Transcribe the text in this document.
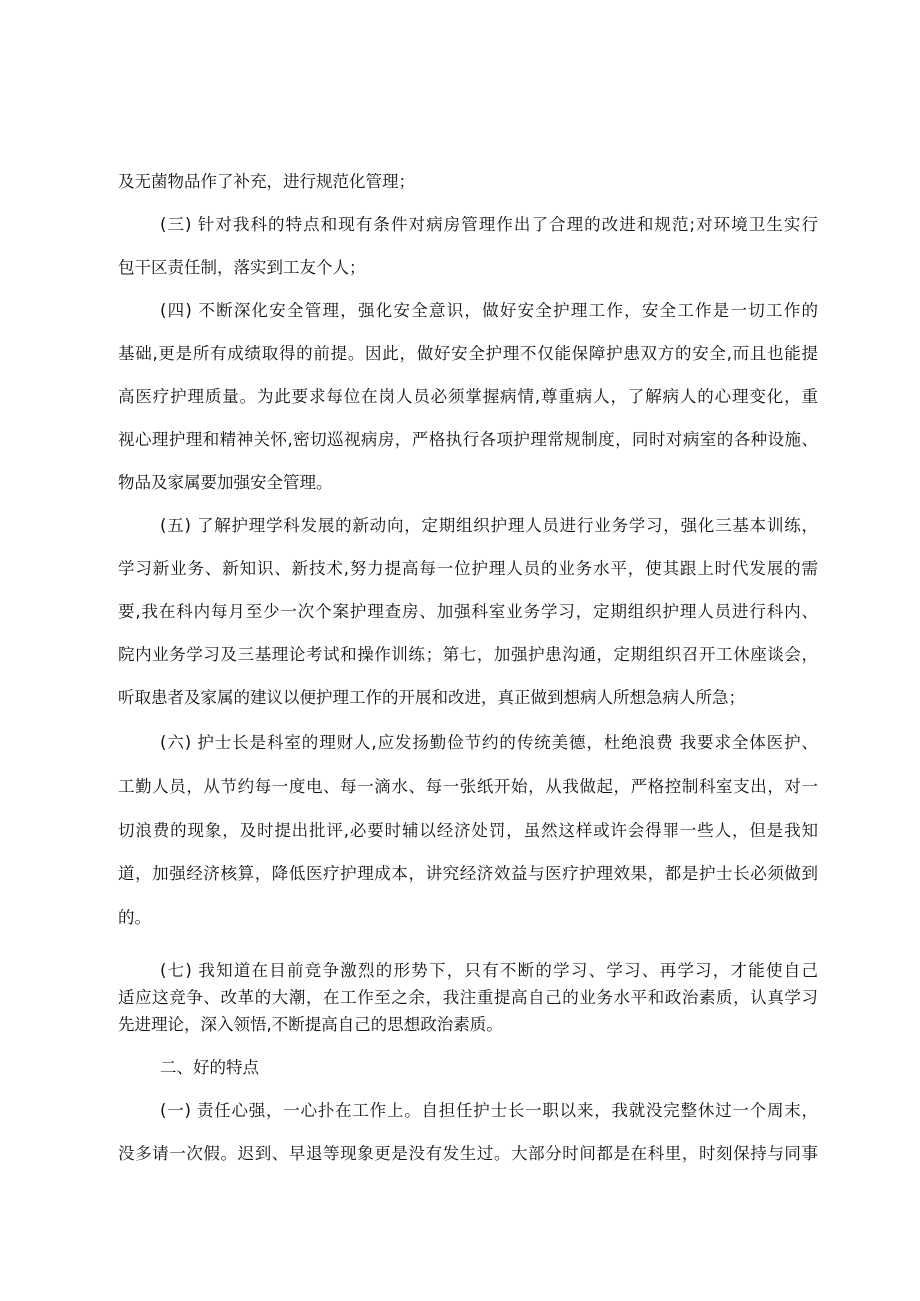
及无菌物品作了补充，进行规范化管理；
(三) 针对我科的特点和现有条件对病房管理作出了合理的改进和规范;对环境卫生实行
包干区责任制，落实到工友个人；
(四) 不断深化安全管理，强化安全意识，做好安全护理工作，安全工作是一切工作的
基础,更是所有成绩取得的前提。因此，做好安全护理不仅能保障护患双方的安全,而且也能提
高医疗护理质量。为此要求每位在岗人员必须掌握病情,尊重病人，了解病人的心理变化，重
视心理护理和精神关怀,密切巡视病房，严格执行各项护理常规制度，同时对病室的各种设施、
物品及家属要加强安全管理。
(五) 了解护理学科发展的新动向，定期组织护理人员进行业务学习，强化三基本训练，
学习新业务、新知识、新技术,努力提高每一位护理人员的业务水平，使其跟上时代发展的需
要,我在科内每月至少一次个案护理查房、加强科室业务学习，定期组织护理人员进行科内、
院内业务学习及三基理论考试和操作训练；第七，加强护患沟通，定期组织召开工休座谈会，
听取患者及家属的建议以便护理工作的开展和改进，真正做到想病人所想急病人所急；
(六) 护士长是科室的理财人,应发扬勤俭节约的传统美德，杜绝浪费 我要求全体医护、
工勤人员，从节约每一度电、每一滴水、每一张纸开始，从我做起，严格控制科室支出，对一
切浪费的现象，及时提出批评,必要时辅以经济处罚，虽然这样或许会得罪一些人，但是我知
道，加强经济核算，降低医疗护理成本，讲究经济效益与医疗护理效果，都是护士长必须做到
的。
(七) 我知道在目前竞争激烈的形势下，只有不断的学习、学习、再学习，才能使自己
适应这竞争、改革的大潮，在工作至之余，我注重提高自己的业务水平和政治素质，认真学习
先进理论，深入领悟,不断提高自己的思想政治素质。
二、好的特点
(一) 责任心强，一心扑在工作上。自担任护士长一职以来，我就没完整休过一个周末，
没多请一次假。迟到、早退等现象更是没有发生过。大部分时间都是在科里，时刻保持与同事
